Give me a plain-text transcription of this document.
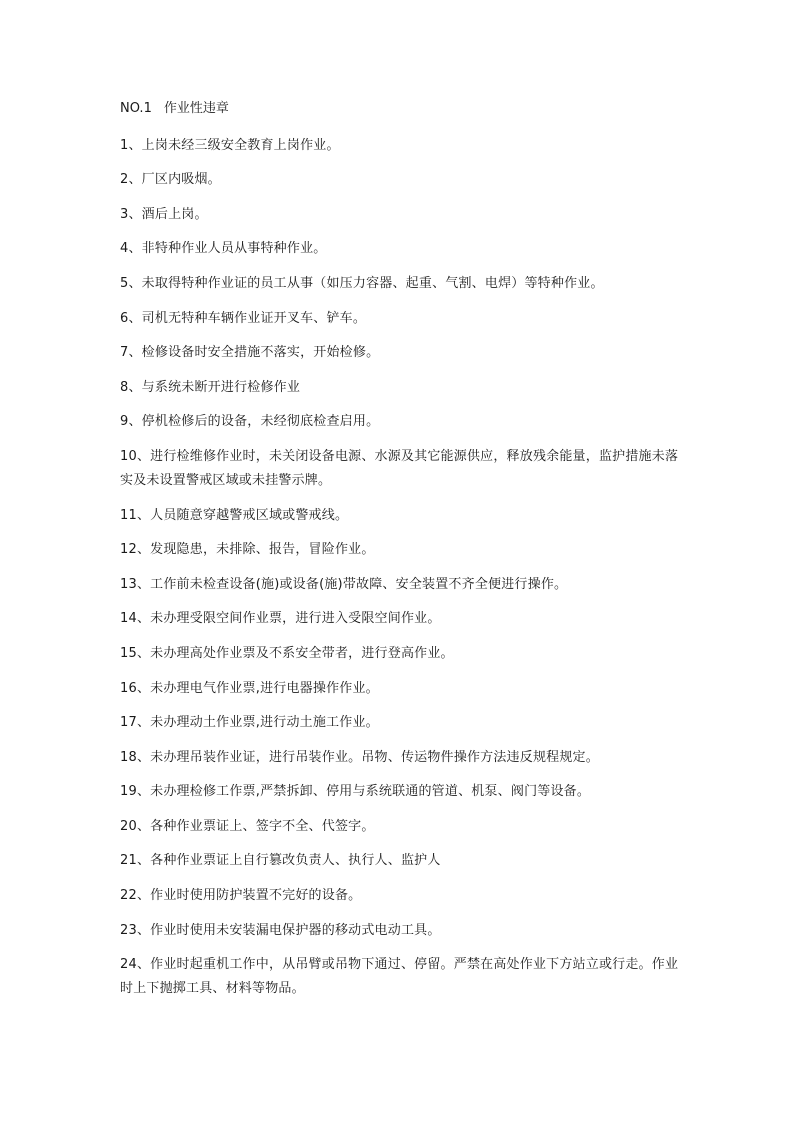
NO.1 作业性违章
1、上岗未经三级安全教育上岗作业。
2、厂区内吸烟。
3、酒后上岗。
4、非特种作业人员从事特种作业。
5、未取得特种作业证的员工从事（如压力容器、起重、气割、电焊）等特种作业。
6、司机无特种车辆作业证开叉车、铲车。
7、检修设备时安全措施不落实，开始检修。
8、与系统未断开进行检修作业
9、停机检修后的设备，未经彻底检查启用。
10、进行检维修作业时，未关闭设备电源、水源及其它能源供应，释放残余能量，监护措施未落实及未设置警戒区域或未挂警示牌。
11、人员随意穿越警戒区域或警戒线。
12、发现隐患，未排除、报告，冒险作业。
13、工作前未检查设备(施)或设备(施)带故障、安全装置不齐全便进行操作。
14、未办理受限空间作业票，进行进入受限空间作业。
15、未办理高处作业票及不系安全带者，进行登高作业。
16、未办理电气作业票,进行电器操作作业。
17、未办理动土作业票,进行动土施工作业。
18、未办理吊装作业证，进行吊装作业。吊物、传运物件操作方法违反规程规定。
19、未办理检修工作票,严禁拆卸、停用与系统联通的管道、机泵、阀门等设备。
20、各种作业票证上、签字不全、代签字。
21、各种作业票证上自行篡改负责人、执行人、监护人
22、作业时使用防护装置不完好的设备。
23、作业时使用未安装漏电保护器的移动式电动工具。
24、作业时起重机工作中，从吊臂或吊物下通过、停留。严禁在高处作业下方站立或行走。作业时上下抛掷工具、材料等物品。
